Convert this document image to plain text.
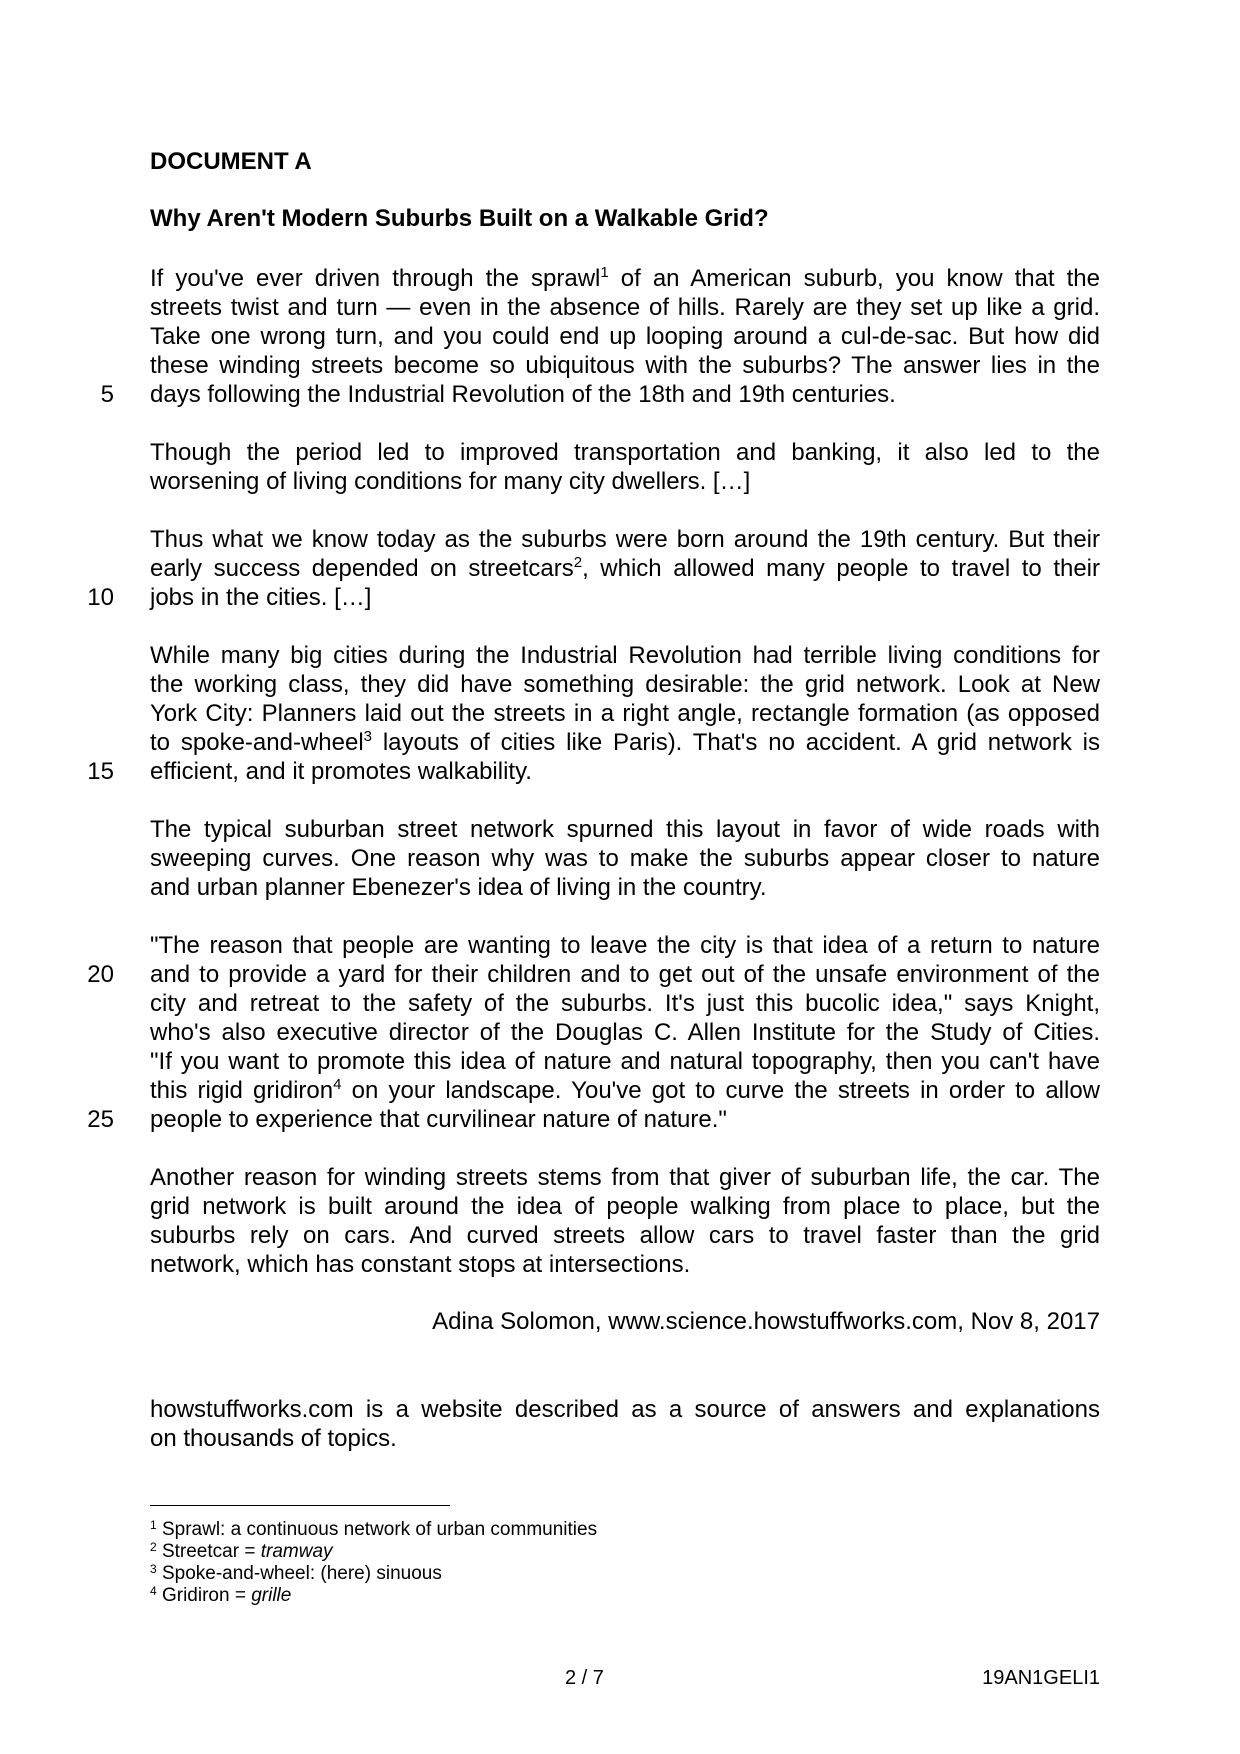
DOCUMENT A
Why Aren't Modern Suburbs Built on a Walkable Grid?
If you've ever driven through the sprawl$^1$ of an American suburb, you know that the
streets twist and turn — even in the absence of hills. Rarely are they set up like a grid.
Take one wrong turn, and you could end up looping around a cul-de-sac. But how did
these winding streets become so ubiquitous with the suburbs? The answer lies in the
days following the Industrial Revolution of the 18th and 19th centuries.
Though the period led to improved transportation and banking, it also led to the
worsening of living conditions for many city dwellers. […]
Thus what we know today as the suburbs were born around the 19th century. But their
early success depended on streetcars$^2$, which allowed many people to travel to their
jobs in the cities. […]
While many big cities during the Industrial Revolution had terrible living conditions for
the working class, they did have something desirable: the grid network. Look at New
York City: Planners laid out the streets in a right angle, rectangle formation (as opposed
to spoke-and-wheel$^3$ layouts of cities like Paris). That's no accident. A grid network is
efficient, and it promotes walkability.
The typical suburban street network spurned this layout in favor of wide roads with
sweeping curves. One reason why was to make the suburbs appear closer to nature
and urban planner Ebenezer's idea of living in the country.
"The reason that people are wanting to leave the city is that idea of a return to nature
and to provide a yard for their children and to get out of the unsafe environment of the
city and retreat to the safety of the suburbs. It's just this bucolic idea," says Knight,
who's also executive director of the Douglas C. Allen Institute for the Study of Cities.
"If you want to promote this idea of nature and natural topography, then you can't have
this rigid gridiron$^4$ on your landscape. You've got to curve the streets in order to allow
people to experience that curvilinear nature of nature."
Another reason for winding streets stems from that giver of suburban life, the car. The
grid network is built around the idea of people walking from place to place, but the
suburbs rely on cars. And curved streets allow cars to travel faster than the grid
network, which has constant stops at intersections.
5
10
15
20
25
Adina Solomon, www.science.howstuffworks.com, Nov 8, 2017
howstuffworks.com is a website described as a source of answers and explanations
on thousands of topics.
$^1$ Sprawl: a continuous network of urban communities
$^2$ Streetcar = tramway
$^3$ Spoke-and-wheel: (here) sinuous
$^4$ Gridiron = grille
2 / 7	19AN1GELI1
